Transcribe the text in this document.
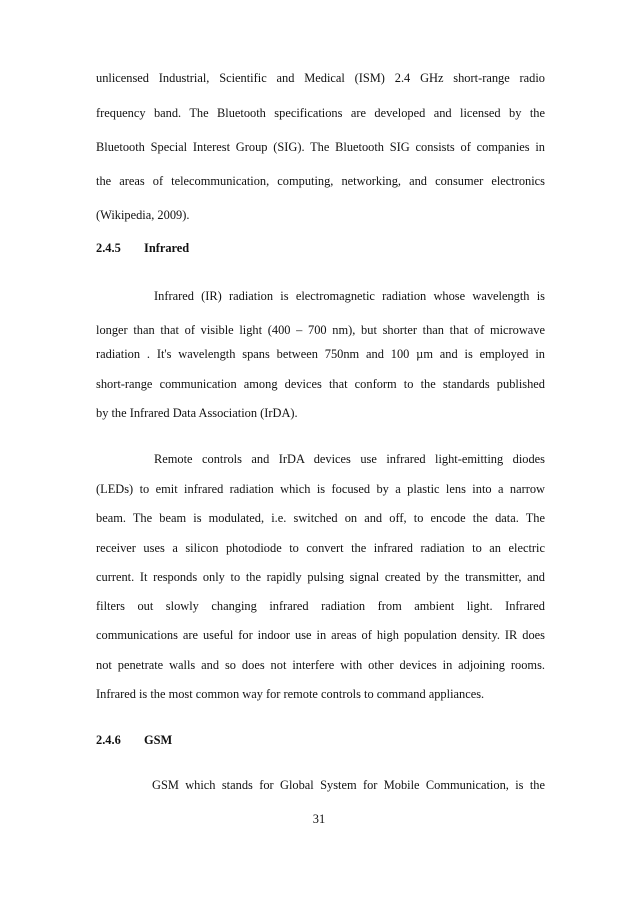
unlicensed Industrial, Scientific and Medical (ISM) 2.4 GHz short-range radio
frequency band. The Bluetooth specifications are developed and licensed by the
Bluetooth Special Interest Group (SIG). The Bluetooth SIG consists of companies in
the areas of telecommunication, computing, networking, and consumer electronics
(Wikipedia, 2009).
2.4.5 Infrared
Infrared (IR) radiation is electromagnetic radiation whose wavelength is
longer than that of visible light (400 – 700 nm), but shorter than that of microwave
radiation . It's wavelength spans between 750nm and 100 µm and is employed in
short-range communication among devices that conform to the standards published
by the Infrared Data Association (IrDA).
Remote controls and IrDA devices use infrared light-emitting diodes
(LEDs) to emit infrared radiation which is focused by a plastic lens into a narrow
beam. The beam is modulated, i.e. switched on and off, to encode the data. The
receiver uses a silicon photodiode to convert the infrared radiation to an electric
current. It responds only to the rapidly pulsing signal created by the transmitter, and
filters out slowly changing infrared radiation from ambient light. Infrared
communications are useful for indoor use in areas of high population density. IR does
not penetrate walls and so does not interfere with other devices in adjoining rooms.
Infrared is the most common way for remote controls to command appliances.
2.4.6 GSM
GSM which stands for Global System for Mobile Communication, is the
31
